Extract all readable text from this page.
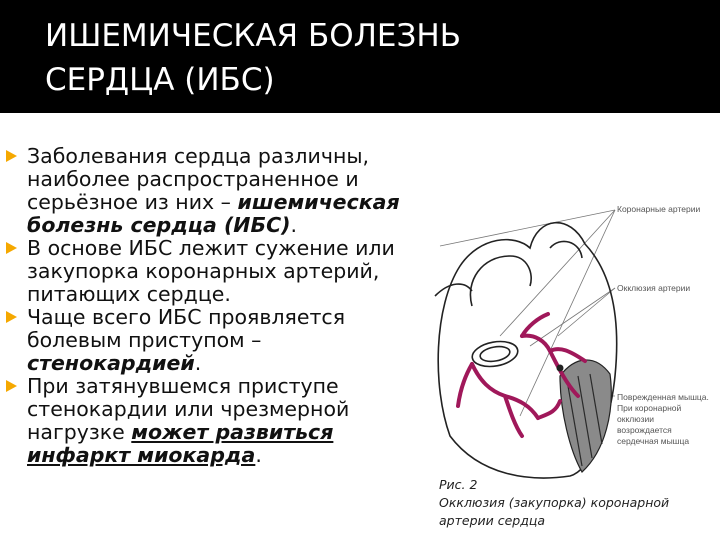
ИШЕМИЧЕСКАЯ БОЛЕЗНЬ
СЕРДЦА (ИБС)
Заболевания сердца различны, наиболее распространенное и серьёзное из них – ишемическая болезнь сердца (ИБС).
В основе ИБС лежит сужение или закупорка коронарных артерий, питающих сердце.
Чаще всего ИБС проявляется болевым приступом – стенокардией.
При затянувшемся приступе стенокардии или чрезмерной нагрузке может развиться инфаркт миокарда.
Коронарные артерии
Окклюзия артерии
Поврежденная мышца.
При коронарной
окклюзии
возрождается
сердечная мышца
Рис. 2
Окклюзия (закупорка) коронарной
артерии сердца
